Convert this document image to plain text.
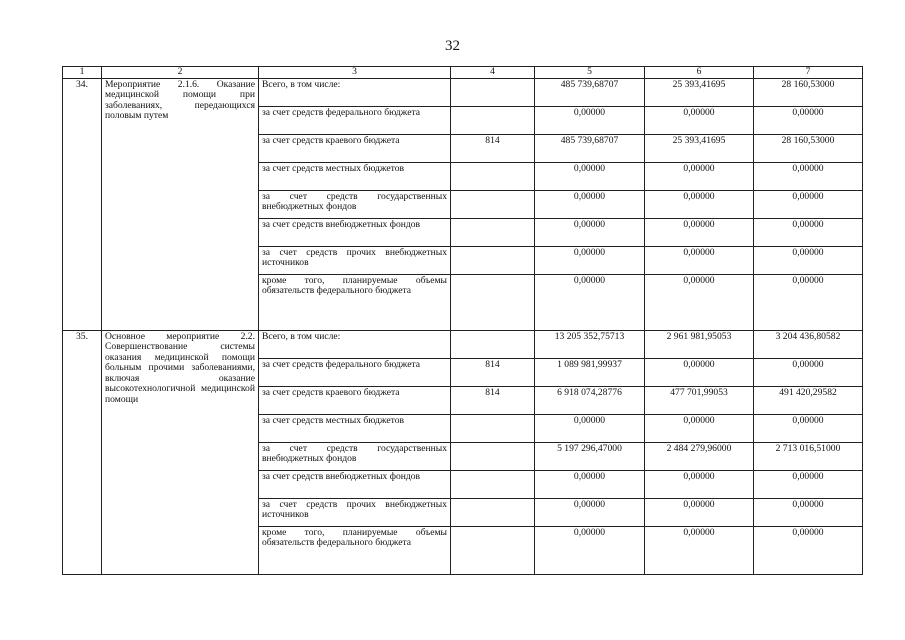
32
1	2	3	4	5	6	7
34.	Мероприятие 2.1.6. Оказание медицинской помощи при заболеваниях, передающихся половым путем	Всего, в том числе:		485 739,68707	25 393,41695	28 160,53000
		за счет средств федерального бюджета		0,00000	0,00000	0,00000
		за счет средств краевого бюджета	814	485 739,68707	25 393,41695	28 160,53000
		за счет средств местных бюджетов		0,00000	0,00000	0,00000
		за счет средств государственных внебюджетных фондов		0,00000	0,00000	0,00000
		за счет средств внебюджетных фондов		0,00000	0,00000	0,00000
		за счет средств прочих внебюджетных источников		0,00000	0,00000	0,00000
		кроме того, планируемые объемы обязательств федерального бюджета		0,00000	0,00000	0,00000
35.	Основное мероприятие 2.2. Совершенствование системы оказания медицинской помощи больным прочими заболеваниями, включая оказание высокотехнологичной медицинской помощи	Всего, в том числе:		13 205 352,75713	2 961 981,95053	3 204 436,80582
		за счет средств федерального бюджета	814	1 089 981,99937	0,00000	0,00000
		за счет средств краевого бюджета	814	6 918 074,28776	477 701,99053	491 420,29582
		за счет средств местных бюджетов		0,00000	0,00000	0,00000
		за счет средств государственных внебюджетных фондов		5 197 296,47000	2 484 279,96000	2 713 016,51000
		за счет средств внебюджетных фондов		0,00000	0,00000	0,00000
		за счет средств прочих внебюджетных источников		0,00000	0,00000	0,00000
		кроме того, планируемые объемы обязательств федерального бюджета		0,00000	0,00000	0,00000
